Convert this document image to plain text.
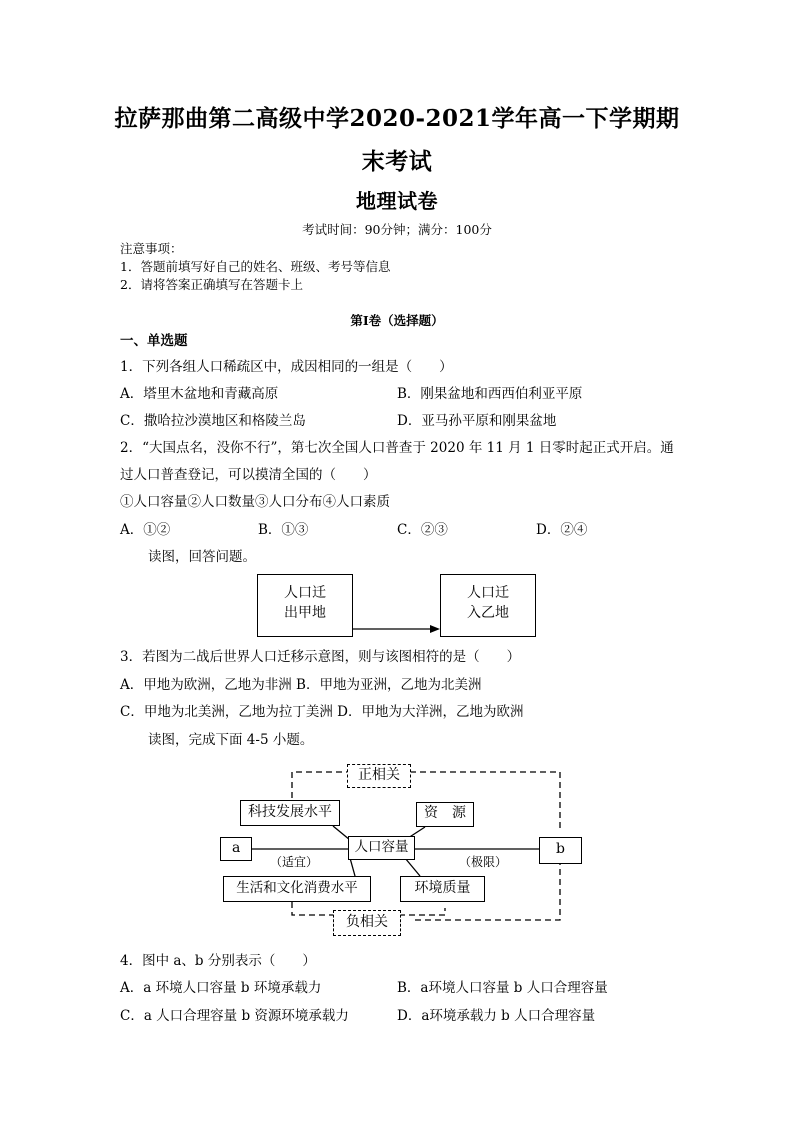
拉萨那曲第二高级中学2020-2021学年高一下学期期
末考试
地理试卷
考试时间：90分钟；满分：100分
注意事项：
1．答题前填写好自己的姓名、班级、考号等信息
2．请将答案正确填写在答题卡上
第Ⅰ卷（选择题）
一、单选题
1．下列各组人口稀疏区中，成因相同的一组是（　　）
A．塔里木盆地和青藏高原	B．刚果盆地和西西伯利亚平原
C．撒哈拉沙漠地区和格陵兰岛	D．亚马孙平原和刚果盆地
2．“大国点名，没你不行”，第七次全国人口普查于 2020 年 11 月 1 日零时起正式开启。通
过人口普查登记，可以摸清全国的（　　）
①人口容量②人口数量③人口分布④人口素质
A．①②	B．①③	C．②③	D．②④
读图，回答问题。
人口迁
出甲地
人口迁
入乙地
3．若图为二战后世界人口迁移示意图，则与该图相符的是（　　）
A．甲地为欧洲，乙地为非洲 B．甲地为亚洲，乙地为北美洲
C．甲地为北美洲，乙地为拉丁美洲 D．甲地为大洋洲，乙地为欧洲
读图，完成下面 4-5 小题。
正相关
科技发展水平	资　源
人口容量
a	b
（适宜）	（极限）
生活和文化消费水平	环境质量
负相关
4．图中 a、b 分别表示（　　）
A．a 环境人口容量 b 环境承载力	B．a环境人口容量 b 人口合理容量
C．a 人口合理容量 b 资源环境承载力	D．a环境承载力 b 人口合理容量
